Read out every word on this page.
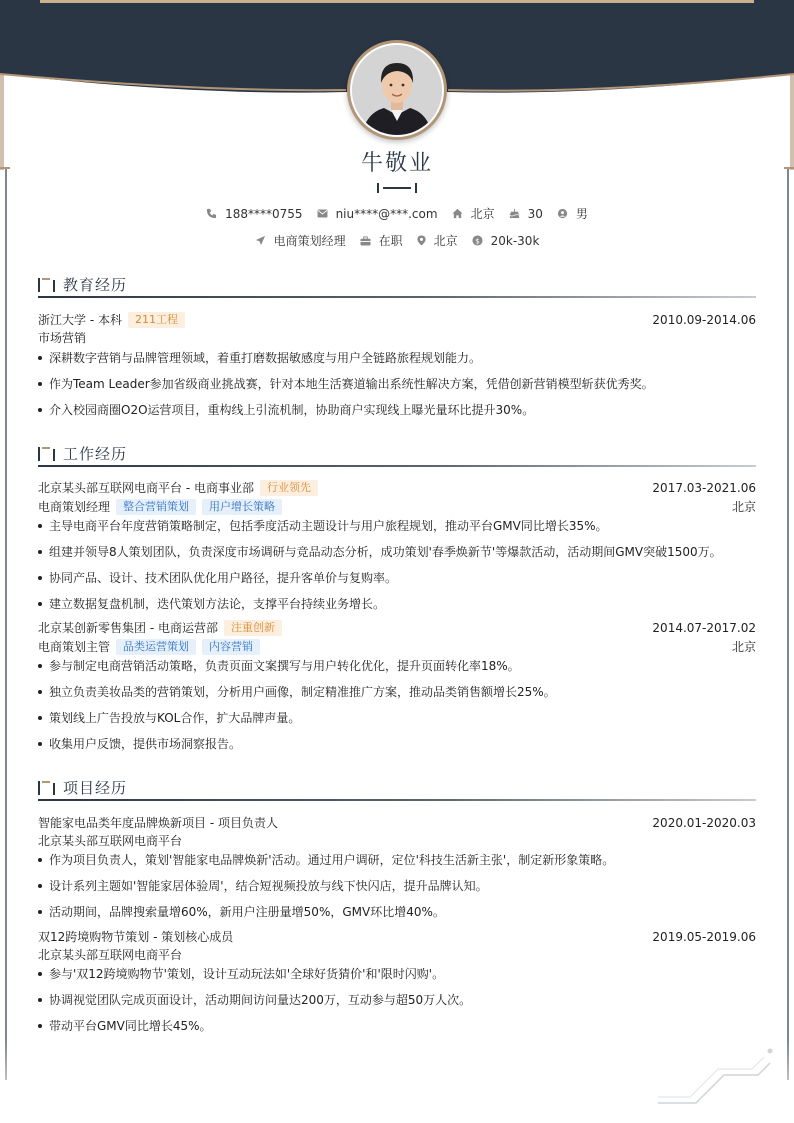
牛敬业
188****0755	niu****@***.com	北京	30	男
电商策划经理	在职	北京 $ 20k-30k
教育经历
浙江大学 - 本科 211工程	2010.09-2014.06
市场营销
深耕数字营销与品牌管理领域，着重打磨数据敏感度与用户全链路旅程规划能力。
作为Team Leader参加省级商业挑战赛，针对本地生活赛道输出系统性解决方案，凭借创新营销模型斩获优秀奖。
介入校园商圈O2O运营项目，重构线上引流机制，协助商户实现线上曝光量环比提升30%。
工作经历
北京某头部互联网电商平台 - 电商事业部 行业领先	2017.03-2021.06
电商策划经理 整合营销策划 用户增长策略	北京
主导电商平台年度营销策略制定，包括季度活动主题设计与用户旅程规划，推动平台GMV同比增长35%。
组建并领导8人策划团队，负责深度市场调研与竞品动态分析，成功策划'春季焕新节'等爆款活动，活动期间GMV突破1500万。
协同产品、设计、技术团队优化用户路径，提升客单价与复购率。
建立数据复盘机制，迭代策划方法论，支撑平台持续业务增长。
北京某创新零售集团 - 电商运营部 注重创新	2014.07-2017.02
电商策划主管 品类运营策划 内容营销	北京
参与制定电商营销活动策略，负责页面文案撰写与用户转化优化，提升页面转化率18%。
独立负责美妆品类的营销策划，分析用户画像，制定精准推广方案，推动品类销售额增长25%。
策划线上广告投放与KOL合作，扩大品牌声量。
收集用户反馈，提供市场洞察报告。
项目经历
智能家电品类年度品牌焕新项目 - 项目负责人	2020.01-2020.03
北京某头部互联网电商平台
作为项目负责人，策划'智能家电品牌焕新'活动。通过用户调研，定位'科技生活新主张'，制定新形象策略。
设计系列主题如'智能家居体验周'，结合短视频投放与线下快闪店，提升品牌认知。
活动期间，品牌搜索量增60%，新用户注册量增50%，GMV环比增40%。
双12跨境购物节策划 - 策划核心成员	2019.05-2019.06
北京某头部互联网电商平台
参与'双12跨境购物节'策划，设计互动玩法如'全球好货猜价'和'限时闪购'。
协调视觉团队完成页面设计，活动期间访问量达200万，互动参与超50万人次。
带动平台GMV同比增长45%。
